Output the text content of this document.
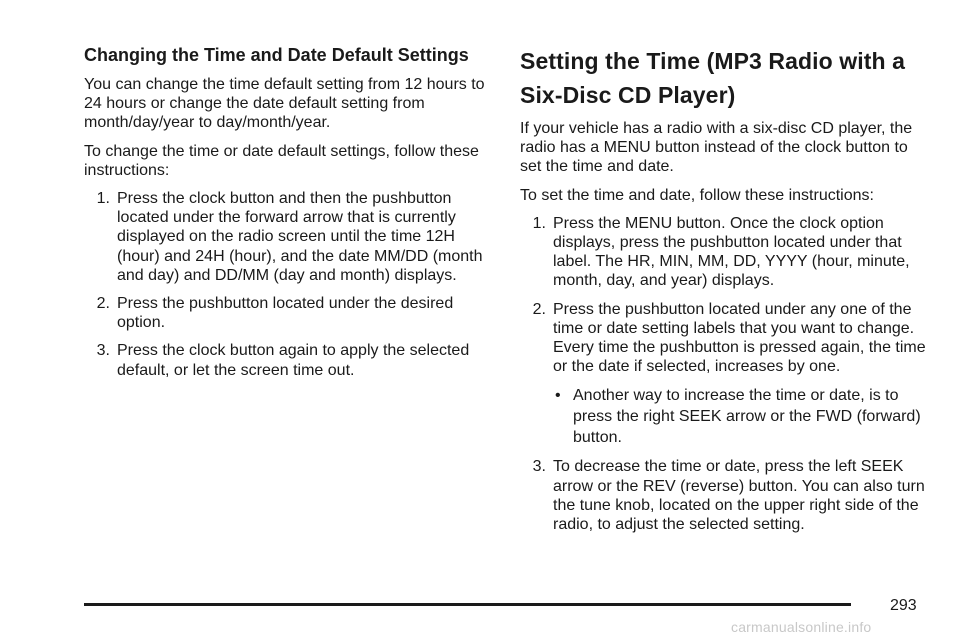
Changing the Time and Date Default Settings

You can change the time default setting from 12 hours to 24 hours or change the date default setting from month/day/year to day/month/year.

To change the time or date default settings, follow these instructions:

1. Press the clock button and then the pushbutton located under the forward arrow that is currently displayed on the radio screen until the time 12H (hour) and 24H (hour), and the date MM/DD (month and day) and DD/MM (day and month) displays.
2. Press the pushbutton located under the desired option.
3. Press the clock button again to apply the selected default, or let the screen time out.
Setting the Time (MP3 Radio with a Six-Disc CD Player)

If your vehicle has a radio with a six-disc CD player, the radio has a MENU button instead of the clock button to set the time and date.

To set the time and date, follow these instructions:

1. Press the MENU button. Once the clock option displays, press the pushbutton located under that label. The HR, MIN, MM, DD, YYYY (hour, minute, month, day, and year) displays.
2. Press the pushbutton located under any one of the time or date setting labels that you want to change. Every time the pushbutton is pressed again, the time or the date if selected, increases by one.
• Another way to increase the time or date, is to press the right SEEK arrow or the FWD (forward) button.
3. To decrease the time or date, press the left SEEK arrow or the REV (reverse) button. You can also turn the tune knob, located on the upper right side of the radio, to adjust the selected setting.
293
carmanualsonline.info
